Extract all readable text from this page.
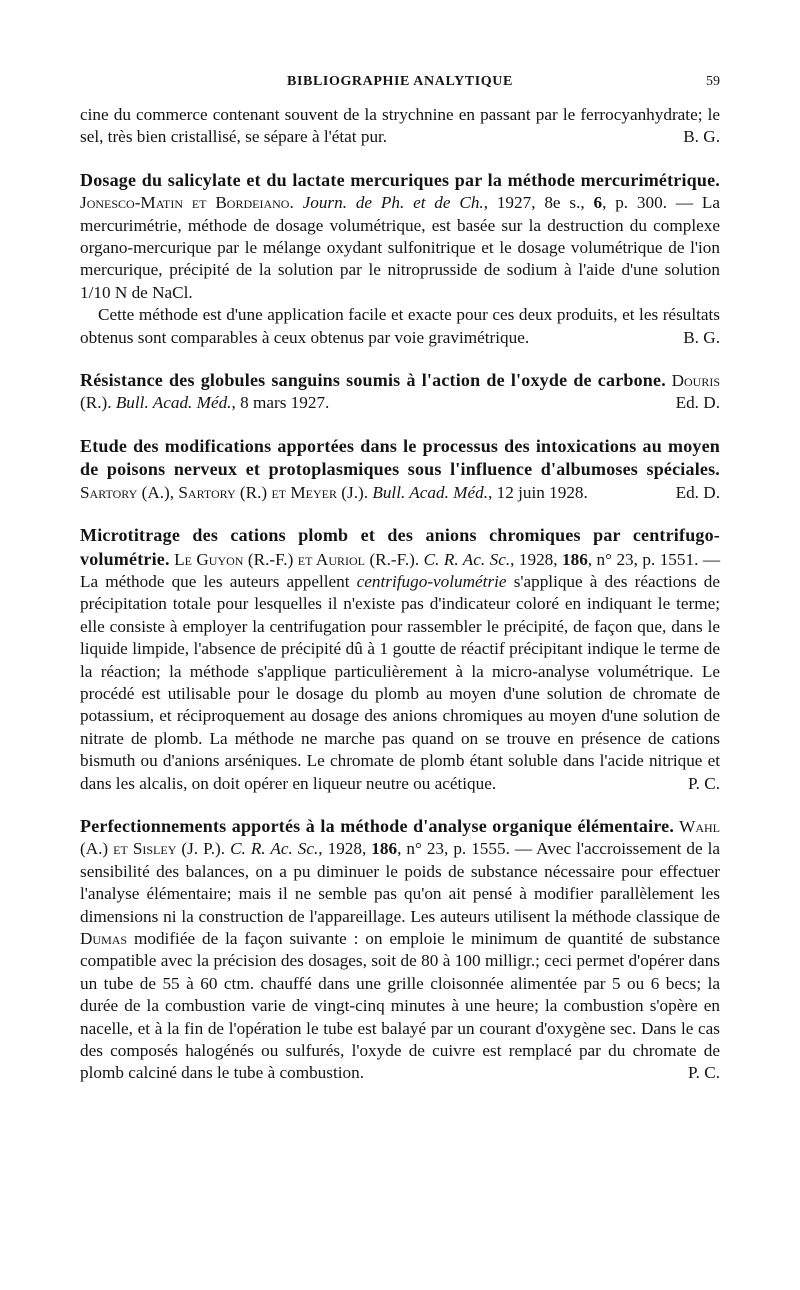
BIBLIOGRAPHIE ANALYTIQUE	59

cine du commerce contenant souvent de la strychnine en passant par le ferrocyanhydrate; le sel, très bien cristallisé, se sépare à l'état pur.	B. G.

Dosage du salicylate et du lactate mercuriques par la méthode mercurimétrique. Jonesco-Matin et Bordeiano. Journ. de Ph. et de Ch., 1927, 8e s., 6, p. 300. — La mercurimétrie, méthode de dosage volumétrique, est basée sur la destruction du complexe organo-mercurique par le mélange oxydant sulfonitrique et le dosage volumétrique de l'ion mercurique, précipité de la solution par le nitroprusside de sodium à l'aide d'une solution 1/10 N de NaCl.

Cette méthode est d'une application facile et exacte pour ces deux produits, et les résultats obtenus sont comparables à ceux obtenus par voie gravimétrique.	B. G.

Résistance des globules sanguins soumis à l'action de l'oxyde de carbone. Douris (R.). Bull. Acad. Méd., 8 mars 1927.	Ed. D.

Etude des modifications apportées dans le processus des intoxications au moyen de poisons nerveux et protoplasmiques sous l'influence d'albumoses spéciales. Sartory (A.), Sartory (R.) et Meyer (J.). Bull. Acad. Méd., 12 juin 1928.	Ed. D.

Microtitrage des cations plomb et des anions chromiques par centrifugo-volumétrie. Le Guyon (R.-F.) et Auriol (R.-F.). C. R. Ac. Sc., 1928, 186, n° 23, p. 1551. — La méthode que les auteurs appellent centrifugo-volumétrie s'applique à des réactions de précipitation totale pour lesquelles il n'existe pas d'indicateur coloré en indiquant le terme; elle consiste à employer la centrifugation pour rassembler le précipité, de façon que, dans le liquide limpide, l'absence de précipité dû à 1 goutte de réactif précipitant indique le terme de la réaction; la méthode s'applique particulièrement à la micro-analyse volumétrique. Le procédé est utilisable pour le dosage du plomb au moyen d'une solution de chromate de potassium, et réciproquement au dosage des anions chromiques au moyen d'une solution de nitrate de plomb. La méthode ne marche pas quand on se trouve en présence de cations bismuth ou d'anions arséniques. Le chromate de plomb étant soluble dans l'acide nitrique et dans les alcalis, on doit opérer en liqueur neutre ou acétique.	P. C.

Perfectionnements apportés à la méthode d'analyse organique élémentaire. Wahl (A.) et Sisley (J. P.). C. R. Ac. Sc., 1928, 186, n° 23, p. 1555. — Avec l'accroissement de la sensibilité des balances, on a pu diminuer le poids de substance nécessaire pour effectuer l'analyse élémentaire; mais il ne semble pas qu'on ait pensé à modifier parallèlement les dimensions ni la construction de l'appareillage. Les auteurs utilisent la méthode classique de Dumas modifiée de la façon suivante : on emploie le minimum de quantité de substance compatible avec la précision des dosages, soit de 80 à 100 milligr.; ceci permet d'opérer dans un tube de 55 à 60 ctm. chauffé dans une grille cloisonnée alimentée par 5 ou 6 becs; la durée de la combustion varie de vingt-cinq minutes à une heure; la combustion s'opère en nacelle, et à la fin de l'opération le tube est balayé par un courant d'oxygène sec. Dans le cas des composés halogénés ou sulfurés, l'oxyde de cuivre est remplacé par du chromate de plomb calciné dans le tube à combustion.	P. C.
